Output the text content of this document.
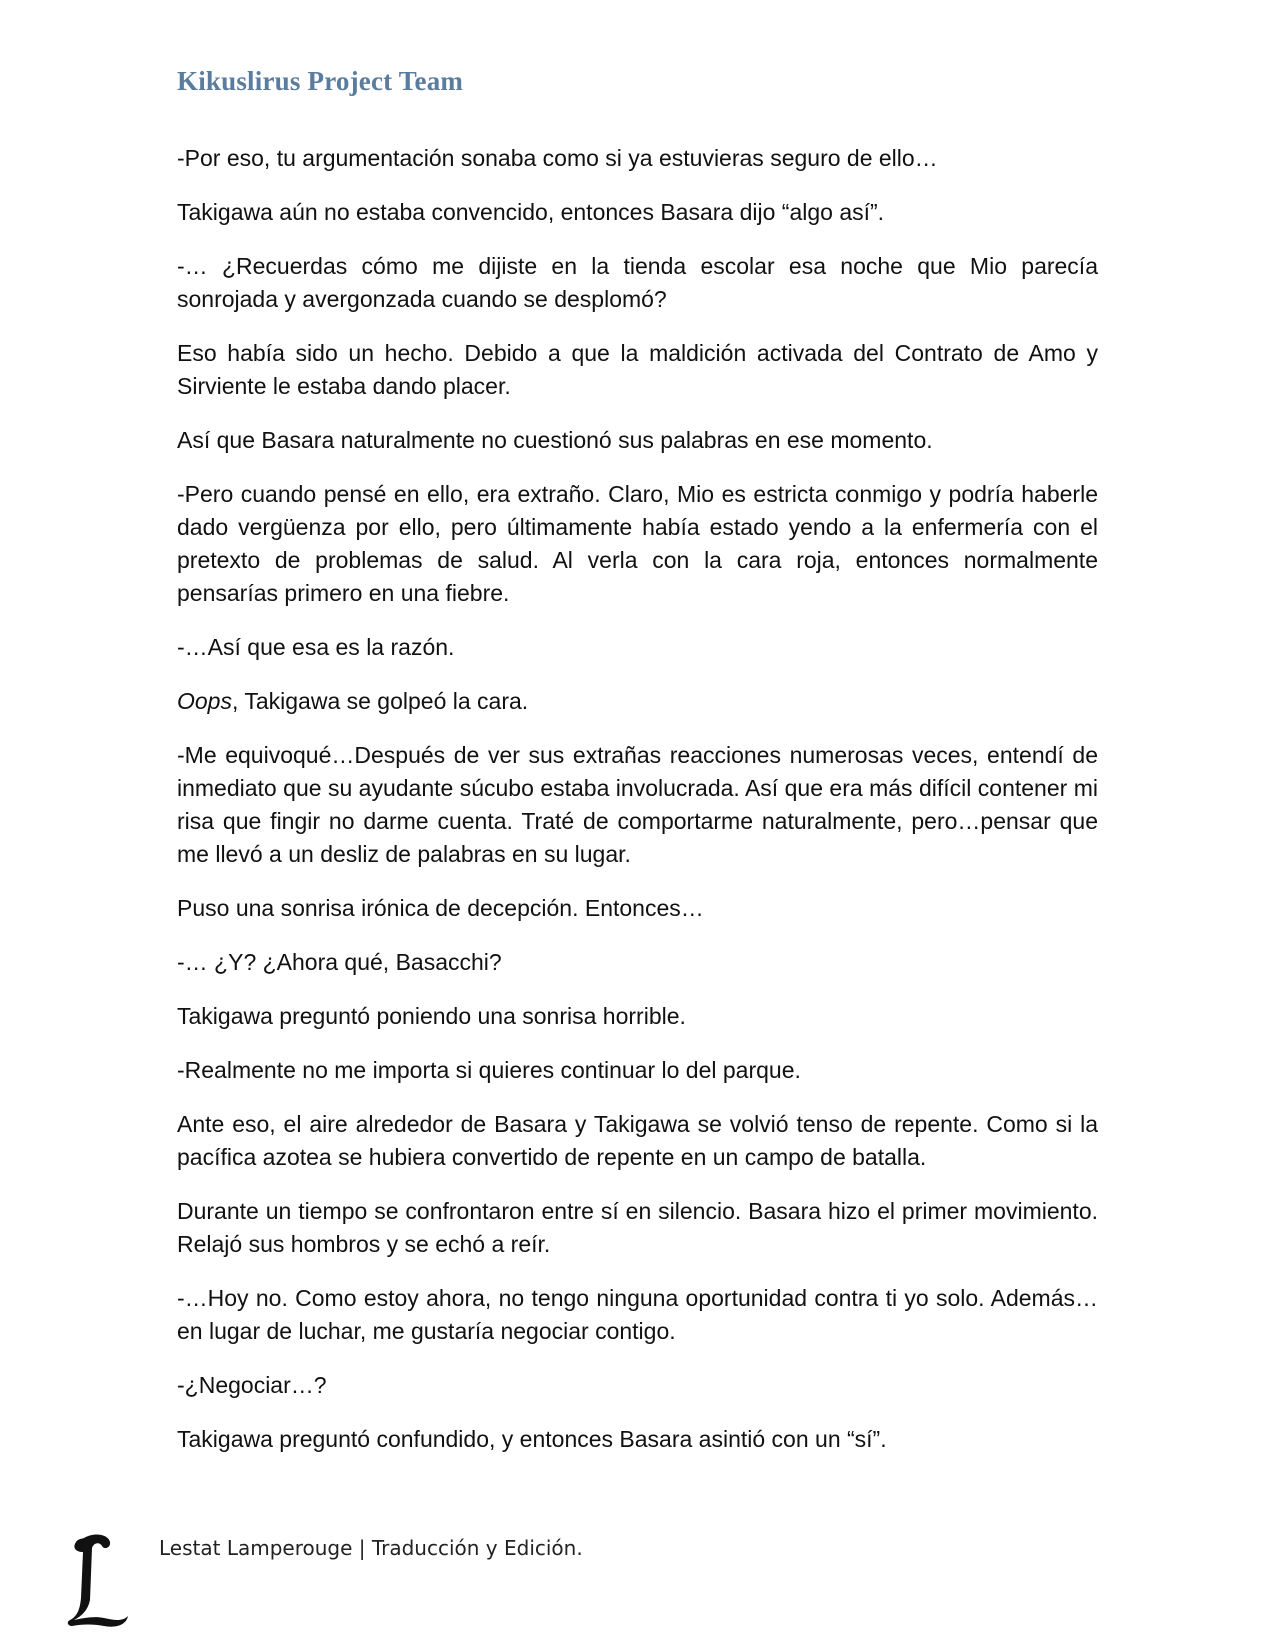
Kikuslirus Project Team

-Por eso, tu argumentación sonaba como si ya estuvieras seguro de ello…

Takigawa aún no estaba convencido, entonces Basara dijo “algo así”.

-… ¿Recuerdas cómo me dijiste en la tienda escolar esa noche que Mio parecía sonrojada y avergonzada cuando se desplomó?

Eso había sido un hecho. Debido a que la maldición activada del Contrato de Amo y Sirviente le estaba dando placer.

Así que Basara naturalmente no cuestionó sus palabras en ese momento.

-Pero cuando pensé en ello, era extraño. Claro, Mio es estricta conmigo y podría haberle dado vergüenza por ello, pero últimamente había estado yendo a la enfermería con el pretexto de problemas de salud. Al verla con la cara roja, entonces normalmente pensarías primero en una fiebre.

-…Así que esa es la razón.

Oops, Takigawa se golpeó la cara.

-Me equivoqué…Después de ver sus extrañas reacciones numerosas veces, entendí de inmediato que su ayudante súcubo estaba involucrada. Así que era más difícil contener mi risa que fingir no darme cuenta. Traté de comportarme naturalmente, pero…pensar que me llevó a un desliz de palabras en su lugar.

Puso una sonrisa irónica de decepción. Entonces…

-… ¿Y? ¿Ahora qué, Basacchi?

Takigawa preguntó poniendo una sonrisa horrible.

-Realmente no me importa si quieres continuar lo del parque.

Ante eso, el aire alrededor de Basara y Takigawa se volvió tenso de repente. Como si la pacífica azotea se hubiera convertido de repente en un campo de batalla.

Durante un tiempo se confrontaron entre sí en silencio. Basara hizo el primer movimiento. Relajó sus hombros y se echó a reír.

-…Hoy no. Como estoy ahora, no tengo ninguna oportunidad contra ti yo solo. Además…en lugar de luchar, me gustaría negociar contigo.

-¿Negociar…?

Takigawa preguntó confundido, y entonces Basara asintió con un “sí”.

Lestat Lamperouge | Traducción y Edición.
